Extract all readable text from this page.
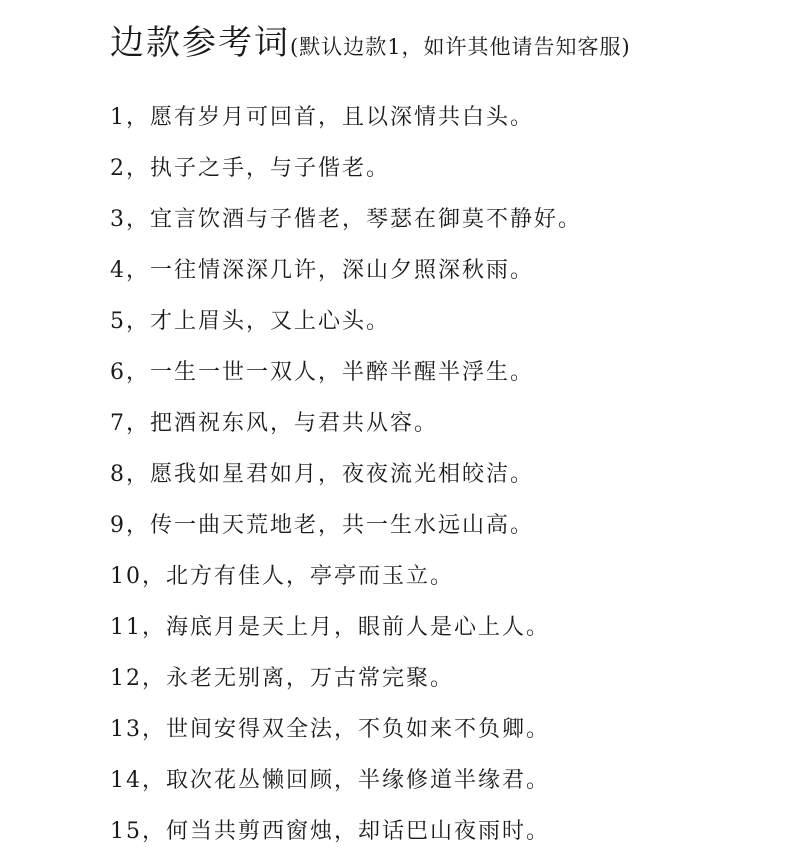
边款参考词(默认边款1，如许其他请告知客服)
1，愿有岁月可回首，且以深情共白头。
2，执子之手，与子偕老。
3，宜言饮酒与子偕老，琴瑟在御莫不静好。
4，一往情深深几许，深山夕照深秋雨。
5，才上眉头，又上心头。
6，一生一世一双人，半醉半醒半浮生。
7，把酒祝东风，与君共从容。
8，愿我如星君如月，夜夜流光相皎洁。
9，传一曲天荒地老，共一生水远山高。
10，北方有佳人，亭亭而玉立。
11，海底月是天上月，眼前人是心上人。
12，永老无别离，万古常完聚。
13，世间安得双全法，不负如来不负卿。
14，取次花丛懒回顾，半缘修道半缘君。
15，何当共剪西窗烛，却话巴山夜雨时。
